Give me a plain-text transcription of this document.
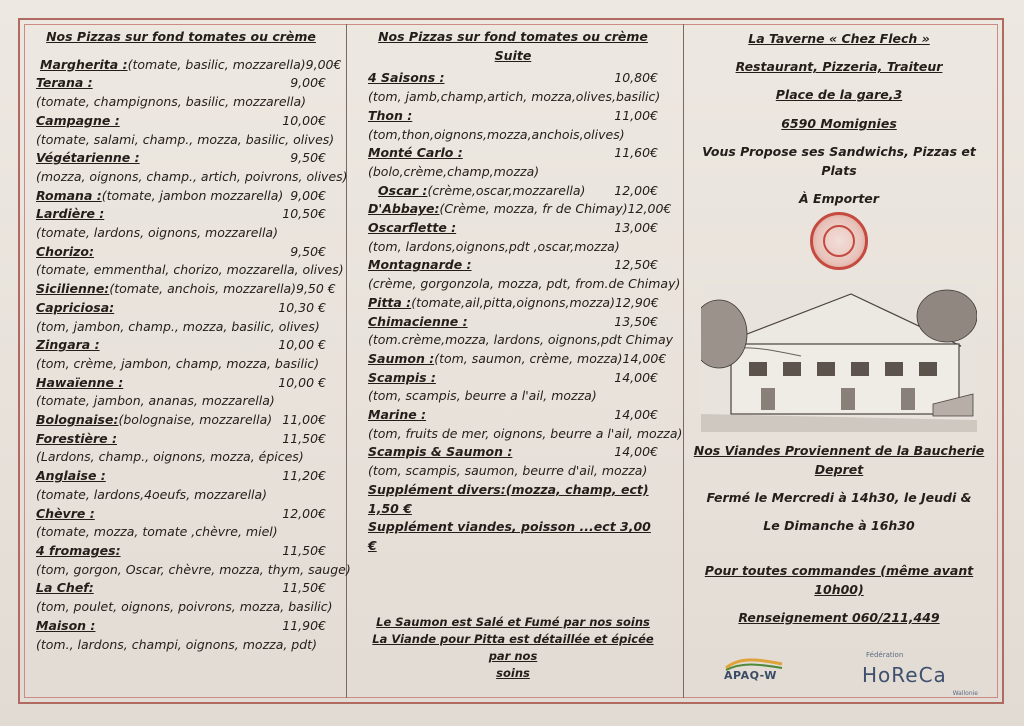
Nos Pizzas sur fond tomates ou crème
Margherita :(tomate, basilic, mozzarella) 9,00€
Terana :	9,00€
(tomate, champignons, basilic, mozzarella)
Campagne :	10,00€
(tomate, salami, champ., mozza, basilic, olives)
Végétarienne :	9,50€
(mozza, oignons, champ., artich, poivrons, olives)
Romana :(tomate, jambon mozzarella) 9,00€
Lardière :	10,50€
(tomate, lardons, oignons, mozzarella)
Chorizo:	9,50€
(tomate, emmenthal, chorizo, mozzarella, olives)
Sicilienne:(tomate, anchois, mozzarella) 9,50 €
Capriciosa:	10,30 €
(tom, jambon, champ., mozza, basilic, olives)
Zingara :	10,00 €
(tom, crème, jambon, champ, mozza, basilic)
Hawaïenne :	10,00 €
(tomate, jambon, ananas, mozzarella)
Bolognaise:(bolognaise, mozzarella) 11,00€
Forestière :	11,50€
(Lardons, champ., oignons, mozza, épices)
Anglaise :	11,20€
(tomate, lardons,4oeufs, mozzarella)
Chèvre :	12,00€
(tomate, mozza, tomate ,chèvre, miel)
4 fromages:	11,50€
(tom, gorgon, Oscar, chèvre, mozza, thym, sauge)
La Chef:	11,50€
(tom, poulet, oignons, poivrons, mozza, basilic)
Maison :	11,90€
(tom., lardons, champi, oignons, mozza, pdt)
Nos Pizzas sur fond tomates ou crème
Suite
4 Saisons :	10,80€
(tom, jamb,champ,artich, mozza,olives,basilic)
Thon :	11,00€
(tom,thon,oignons,mozza,anchois,olives)
Monté Carlo :	11,60€
(bolo,crème,champ,mozza)
Oscar :(crème,oscar,mozzarella) 12,00€
D'Abbaye:(Crème, mozza, fr de Chimay) 12,00€
Oscarflette :	13,00€
(tom, lardons,oignons,pdt ,oscar,mozza)
Montagnarde :	12,50€
(crème, gorgonzola, mozza, pdt, from.de Chimay)
Pitta :(tomate,ail,pitta,oignons,mozza) 12,90€
Chimacienne :	13,50€
(tom.crème,mozza, lardons, oignons,pdt Chimay
Saumon :(tom, saumon, crème, mozza) 14,00€
Scampis :	14,00€
(tom, scampis, beurre a l'ail, mozza)
Marine :	14,00€
(tom, fruits de mer, oignons, beurre a l'ail, mozza)
Scampis & Saumon :	14,00€
(tom, scampis, saumon, beurre d'ail, mozza)
Supplément divers:(mozza, champ, ect) 1,50 €
Supplément viandes, poisson ...ect 3,00 €
Le Saumon est Salé et Fumé par nos soins
La Viande pour Pitta est détaillée et épicée par nos
soins
La Taverne « Chez Flech »
Restaurant, Pizzeria, Traiteur
Place de la gare,3
6590 Momignies
Vous Propose ses Sandwichs, Pizzas et Plats
À Emporter
Nos Viandes Proviennent de la Baucherie Depret
Fermé le Mercredi à 14h30, le Jeudi &
Le Dimanche à 16h30
Pour toutes commandes (même avant 10h00)
Renseignement 060/211,449
APAQ-W
Fédération
HoReCa
Wallonie
